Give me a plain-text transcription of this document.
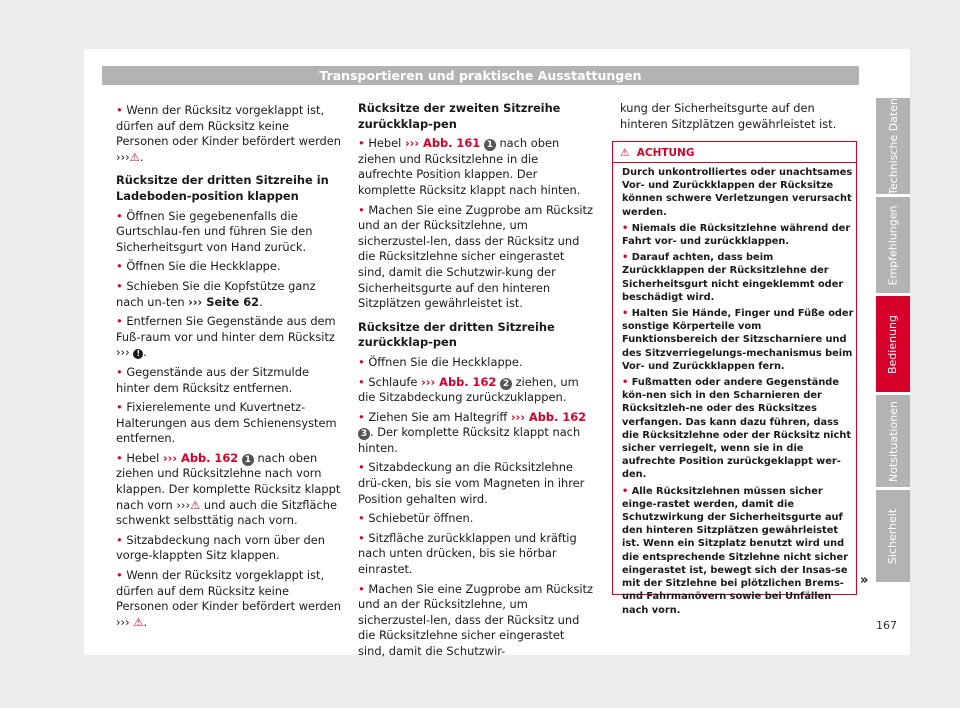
Transportieren und praktische Ausstattungen

• Wenn der Rücksitz vorgeklappt ist, dürfen auf dem Rücksitz keine Personen oder Kinder befördert werden ›››⚠.

Rücksitze der dritten Sitzreihe in Ladeboden-position klappen

• Öffnen Sie gegebenenfalls die Gurtschlau-fen und führen Sie den Sicherheitsgurt von Hand zurück.

• Öffnen Sie die Heckklappe.

• Schieben Sie die Kopfstütze ganz nach un-ten ››› Seite 62.

• Entfernen Sie Gegenstände aus dem Fuß-raum vor und hinter dem Rücksitz ››› ! .

• Gegenstände aus der Sitzmulde hinter dem Rücksitz entfernen.

• Fixierelemente und Kuvertnetz-Halterungen aus dem Schienensystem entfernen.

• Hebel ››› Abb. 162 1 nach oben ziehen und Rücksitzlehne nach vorn klappen. Der komplette Rücksitz klappt nach vorn ›››⚠ und auch die Sitzfläche schwenkt selbsttätig nach vorn.

• Sitzabdeckung nach vorn über den vorge-klappten Sitz klappen.

• Wenn der Rücksitz vorgeklappt ist, dürfen auf dem Rücksitz keine Personen oder Kinder befördert werden ››› ⚠.

Rücksitze der zweiten Sitzreihe zurückklap-pen

• Hebel ››› Abb. 161 1 nach oben ziehen und Rücksitzlehne in die aufrechte Position klappen. Der komplette Rücksitz klappt nach hinten.

• Machen Sie eine Zugprobe am Rücksitz und an der Rücksitzlehne, um sicherzustel-len, dass der Rücksitz und die Rücksitzlehne sicher eingerastet sind, damit die Schutzwir-kung der Sicherheitsgurte auf den hinteren Sitzplätzen gewährleistet ist.

Rücksitze der dritten Sitzreihe zurückklap-pen

• Öffnen Sie die Heckklappe.

• Schlaufe ››› Abb. 162 2 ziehen, um die Sitzabdeckung zurückzuklappen.

• Ziehen Sie am Haltegriff ››› Abb. 162 3 . Der komplette Rücksitz klappt nach hinten.

• Sitzabdeckung an die Rücksitzlehne drü-cken, bis sie vom Magneten in ihrer Position gehalten wird.

• Schiebetür öffnen.

• Sitzfläche zurückklappen und kräftig nach unten drücken, bis sie hörbar einrastet.

• Machen Sie eine Zugprobe am Rücksitz und an der Rücksitzlehne, um sicherzustel-len, dass der Rücksitz und die Rücksitzlehne sicher eingerastet sind, damit die Schutzwir-

kung der Sicherheitsgurte auf den hinteren Sitzplätzen gewährleistet ist.

⚠ ACHTUNG

Durch unkontrolliertes oder unachtsames Vor- und Zurückklappen der Rücksitze können schwere Verletzungen verursacht werden.

• Niemals die Rücksitzlehne während der Fahrt vor- und zurückklappen.

• Darauf achten, dass beim Zurückklappen der Rücksitzlehne der Sicherheitsgurt nicht eingeklemmt oder beschädigt wird.

• Halten Sie Hände, Finger und Füße oder sonstige Körperteile vom Funktionsbereich der Sitzscharniere und des Sitzverriegelungs-mechanismus beim Vor- und Zurückklappen fern.

• Fußmatten oder andere Gegenstände kön-nen sich in den Scharnieren der Rücksitzleh-ne oder des Rücksitzes verfangen. Das kann dazu führen, dass die Rücksitzlehne oder der Rücksitz nicht sicher verriegelt, wenn sie in die aufrechte Position zurückgeklappt wer-den.

• Alle Rücksitzlehnen müssen sicher einge-rastet werden, damit die Schutzwirkung der Sicherheitsgurte auf den hinteren Sitzplätzen gewährleistet ist. Wenn ein Sitzplatz benutzt wird und die entsprechende Sitzlehne nicht sicher eingerastet ist, bewegt sich der Insas-se mit der Sitzlehne bei plötzlichen Brems- und Fahrmanövern sowie bei Unfällen nach vorn.

»
Technische Daten
Empfehlungen
Bedienung
Notsituationen
Sicherheit
167
